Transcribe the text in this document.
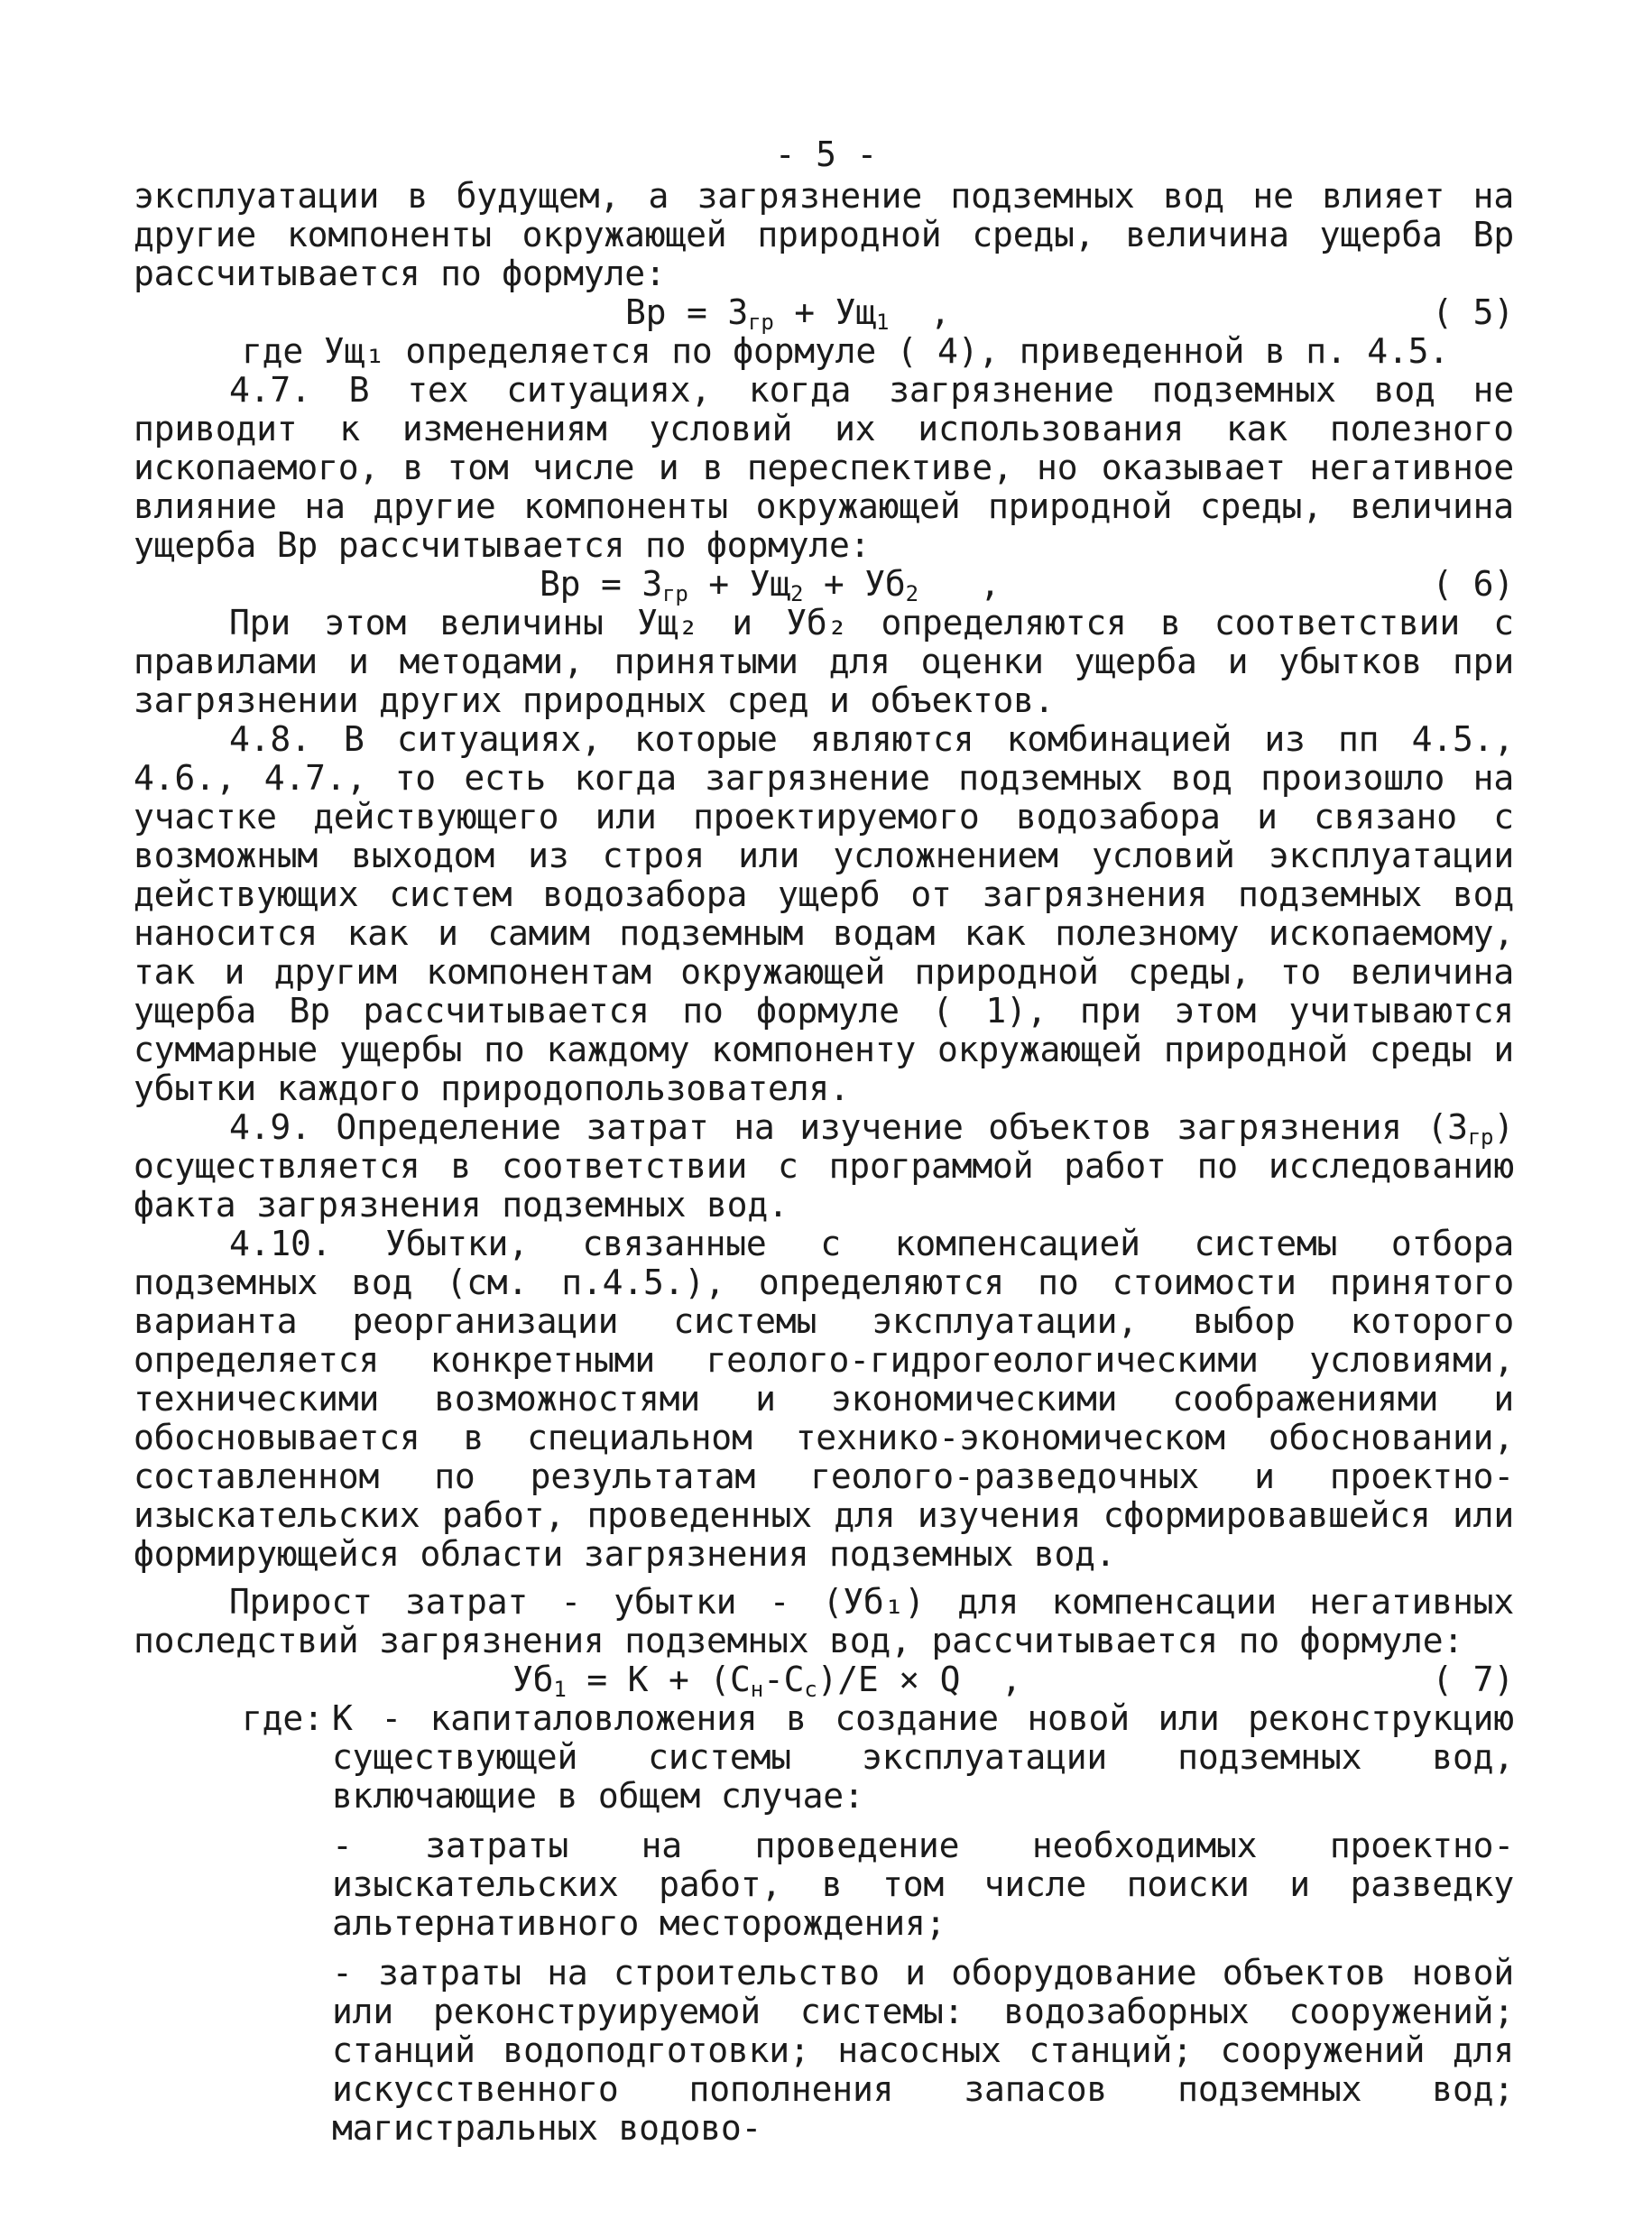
- 5 -

эксплуатации в будущем, а загрязнение подземных вод не влияет на другие компоненты окружающей природной среды, величина ущерба Вр рассчитывается по формуле:

Вр = $З_{гр} + Ущ_1$  ,	( 5)

где Ущ₁ определяется по формуле ( 4), приведенной в п. 4.5.

4.7. В тех ситуациях, когда загрязнение подземных вод не приводит к изменениям условий их использования как полезного ископаемого, в том числе и в переспективе, но оказывает негативное влияние на другие компоненты окружающей природной среды, величина ущерба Вр рассчитывается по формуле:

Вр = $З_{гр} + Ущ_2 + Уб_2$   ,	( 6)

При этом величины Ущ₂ и Уб₂ определяются в соответствии с правилами и методами, принятыми для оценки ущерба и убытков при загрязнении других природных сред и объектов.

4.8. В ситуациях, которые являются комбинацией из пп 4.5., 4.6., 4.7., то есть когда загрязнение подземных вод произошло на участке действующего или проектируемого водозабора и связано с возможным выходом из строя или усложнением условий эксплуатации действующих систем водозабора ущерб от загрязнения подземных вод наносится как и самим подземным водам как полезному ископаемому, так и другим компонентам окружающей природной среды, то величина ущерба Вр рассчитывается по формуле ( 1), при этом учитываются суммарные ущербы по каждому компоненту окружающей природной среды и убытки каждого природопользователя.

4.9. Определение затрат на изучение объектов загрязнения $(З_{гр})$ осуществляется в соответствии с программой работ по исследованию факта загрязнения подземных вод.

4.10. Убытки, связанные с компенсацией системы отбора подземных вод (см. п.4.5.), определяются по стоимости принятого варианта реорганизации системы эксплуатации, выбор которого определяется конкретными геолого-гидрогеологическими условиями, техническими возможностями и экономическими соображениями и обосновывается в специальном технико-экономическом обосновании, составленном по результатам геолого-разведочных и проектно-изыскательских работ, проведенных для изучения сформировавшейся или формирующейся области загрязнения подземных вод.

Прирост затрат - убытки - (Уб₁) для компенсации негативных последствий загрязнения подземных вод, рассчитывается по формуле:

$Уб_1 = К + (С_н-С_с)/Е \times Q$  ,	( 7)
где: К - капиталовложения в создание новой или реконструкцию существующей системы эксплуатации подземных вод, включающие в общем случае:

- затраты на проведение необходимых проектно-изыскательских работ, в том числе поиски и разведку альтернативного месторождения;

- затраты на строительство и оборудование объектов новой или реконструируемой системы: водозаборных сооружений; станций водоподготовки; насосных станций; сооружений для искусственного пополнения запасов подземных вод; магистральных водово-
